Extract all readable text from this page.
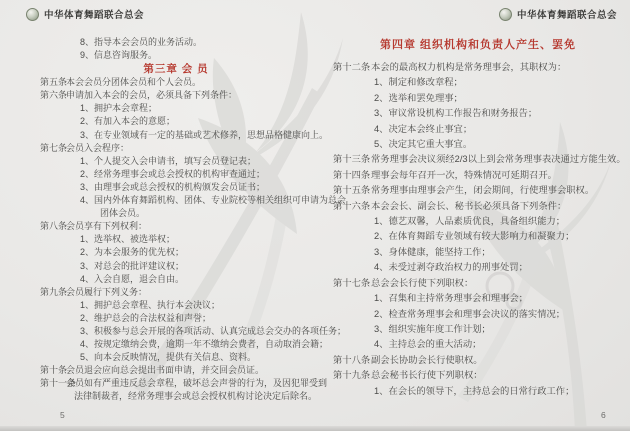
中华体育舞蹈联合总会	中华体育舞蹈联合总会
8、指导本会会员的业务活动。
9、信息咨询服务。
第三章 会 员
第五条
本会会员分团体会员和个人会员。
第六条
申请加入本会的会员，必须具备下列条件：
1、拥护本会章程；
2、有加入本会的意愿；
3、在专业领域有一定的基础或艺术修养，思想品格健康向上。
第七条
会员入会程序：
1、个人提交入会申请书，填写会员登记表；
2、经常务理事会或总会授权的机构审查通过；
3、由理事会或总会授权的机构颁发会员证书；
4、国内外体育舞蹈机构、团体、专业院校等相关组织可申请为总会
团体会员。
第八条
会员享有下列权利：
1、选举权、被选举权；
2、为本会服务的优先权；
3、对总会的批评建议权；
4、入会自愿，退会自由。
第九条
会员履行下列义务：
1、拥护总会章程、执行本会决议；
2、维护总会的合法权益和声誉；
3、积极参与总会开展的各项活动、认真完成总会交办的各项任务；
4、按规定缴纳会费，逾期一年不缴纳会费者，自动取消会籍；
5、向本会反映情况，提供有关信息、资料。
第十条
会员退会应向总会提出书面申请，并交回会员证。
第十一条
会员如有严重违反总会章程，破坏总会声誉的行为，及因犯罪受到
法律制裁者，经常务理事会或总会授权机构讨论决定后除名。
第四章 组织机构和负责人产生、罢免
第十二条 本会的最高权力机构是常务理事会，其职权为：
1、制定和修改章程；
2、选举和罢免理事；
3、审议常设机构工作报告和财务报告；
4、决定本会终止事宜；
5、决定其它重大事宜。
第十三条 常务理事会决议须经2/3以上到会常务理事表决通过方能生效。
第十四条 理事会每年召开一次，特殊情况可延期召开。
第十五条 常务理事由理事会产生，闭会期间，行使理事会职权。
第十六条 本会会长、副会长、秘书长必须具备下列条件：
1、德艺双馨，人品素质优良，具备组织能力；
2、在体育舞蹈专业领域有较大影响力和凝聚力；
3、身体健康，能坚持工作；
4、未受过剥夺政治权力的刑事处罚；
第十七条 总会会长行使下列职权：
1、召集和主持常务理事会和理事会；
2、检查常务理事会和理事会决议的落实情况；
3、组织实施年度工作计划；
4、主持总会的重大活动；
第十八条 副会长协助会长行使职权。
第十九条 总会秘书长行使下列职权：
1、在会长的领导下，主持总会的日常行政工作；
5	6
